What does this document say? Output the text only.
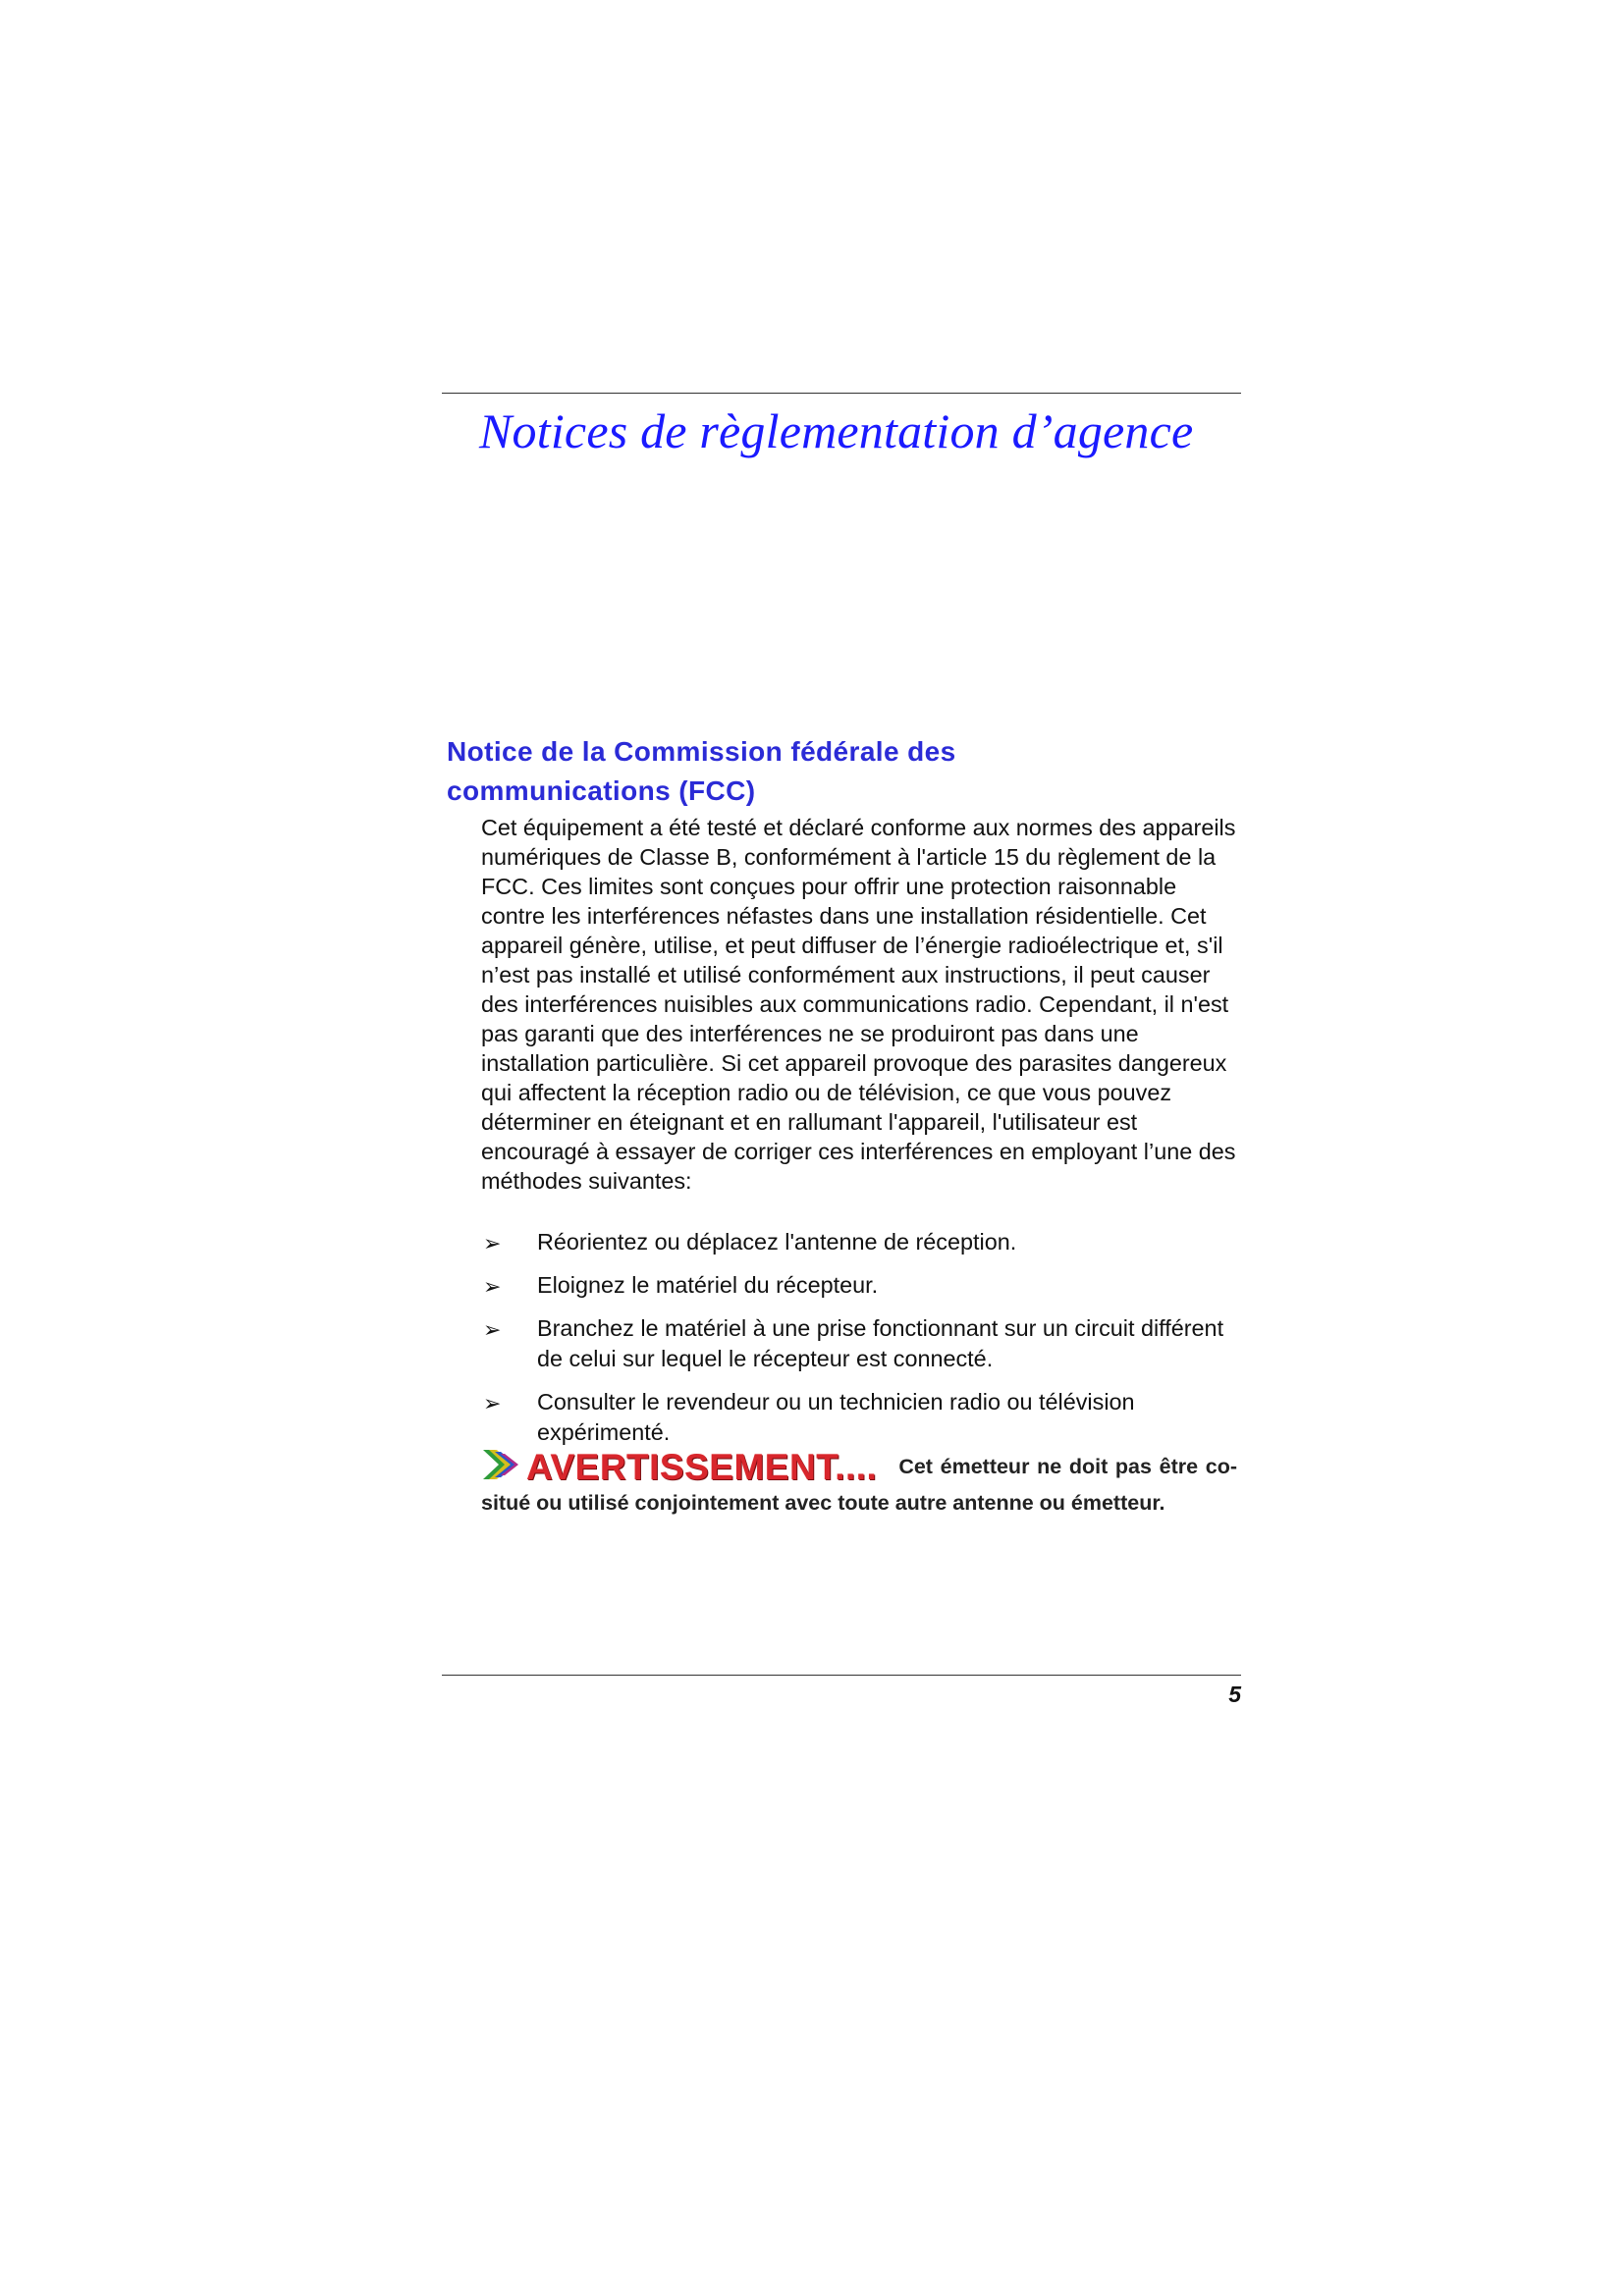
Notices de règlementation d’agence
Notice de la Commission fédérale des
communications (FCC)

Cet équipement a été testé et déclaré conforme aux normes des appareils numériques de Classe B, conformément à l'article 15 du règlement de la FCC. Ces limites sont conçues pour offrir une protection raisonnable contre les interférences néfastes dans une installation résidentielle. Cet appareil génère, utilise, et peut diffuser de l’énergie radioélectrique et, s'il n’est pas installé et utilisé conformément aux instructions, il peut causer des interférences nuisibles aux communications radio. Cependant, il n'est pas garanti que des interférences ne se produiront pas dans une installation particulière. Si cet appareil provoque des parasites dangereux qui affectent la réception radio ou de télévision, ce que vous pouvez déterminer en éteignant et en rallumant l'appareil, l'utilisateur est encouragé à essayer de corriger ces interférences en employant l’une des méthodes suivantes:

➢ Réorientez ou déplacez l'antenne de réception.
➢ Eloignez le matériel du récepteur.
➢ Branchez le matériel à une prise fonctionnant sur un circuit différent de celui sur lequel le récepteur est connecté.
➢ Consulter le revendeur ou un technicien radio ou télévision expérimenté.

AVERTISSEMENT.... Cet émetteur ne doit pas être co-situé ou utilisé conjointement avec toute autre antenne ou émetteur.

5
